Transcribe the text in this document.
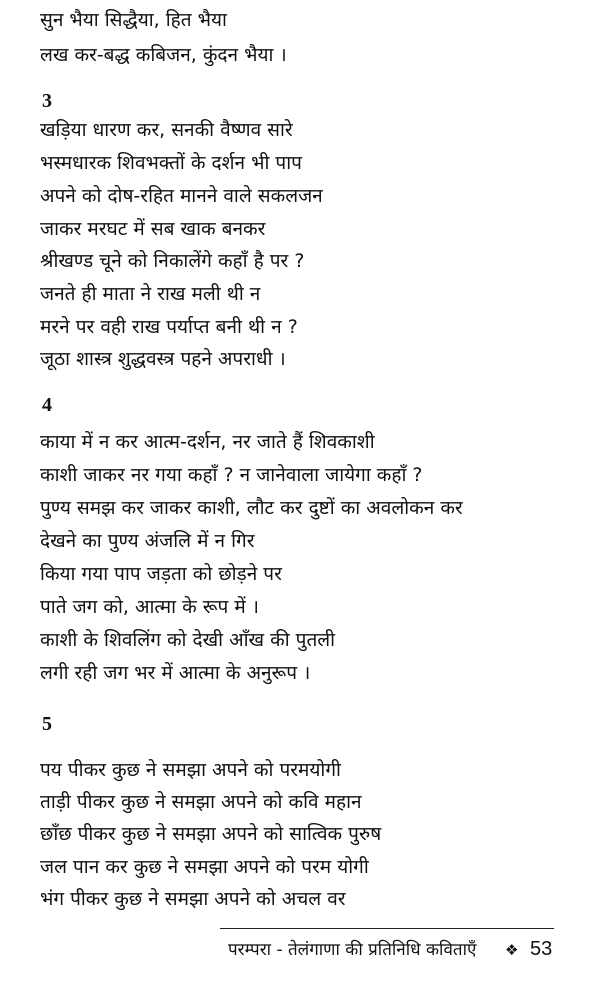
सुन भैया सिद्धैया, हित भैया
लख कर-बद्ध कबिजन, कुंदन भैया ।
3
खड़िया धारण कर, सनकी वैष्णव सारे
भस्मधारक शिवभक्तों के दर्शन भी पाप
अपने को दोष-रहित मानने वाले सकलजन
जाकर मरघट में सब खाक बनकर
श्रीखण्ड चूने को निकालेंगे कहाँ है पर ?
जनते ही माता ने राख मली थी न
मरने पर वही राख पर्याप्त बनी थी न ?
जूठा शास्त्र शुद्धवस्त्र पहने अपराधी ।
4
काया में न कर आत्म-दर्शन, नर जाते हैं शिवकाशी
काशी जाकर नर गया कहाँ ? न जानेवाला जायेगा कहाँ ?
पुण्य समझ कर जाकर काशी, लौट कर दुष्टों का अवलोकन कर
देखने का पुण्य अंजलि में न गिर
किया गया पाप जड़ता को छोड़ने पर
पाते जग को, आत्मा के रूप में ।
काशी के शिवलिंग को देखी आँख की पुतली
लगी रही जग भर में आत्मा के अनुरूप ।
5
पय पीकर कुछ ने समझा अपने को परमयोगी
ताड़ी पीकर कुछ ने समझा अपने को कवि महान
छाँछ पीकर कुछ ने समझा अपने को सात्विक पुरुष
जल पान कर कुछ ने समझा अपने को परम योगी
भंग पीकर कुछ ने समझा अपने को अचल वर
परम्परा - तेलंगाणा की प्रतिनिधि कविताएँ ❖ 53
